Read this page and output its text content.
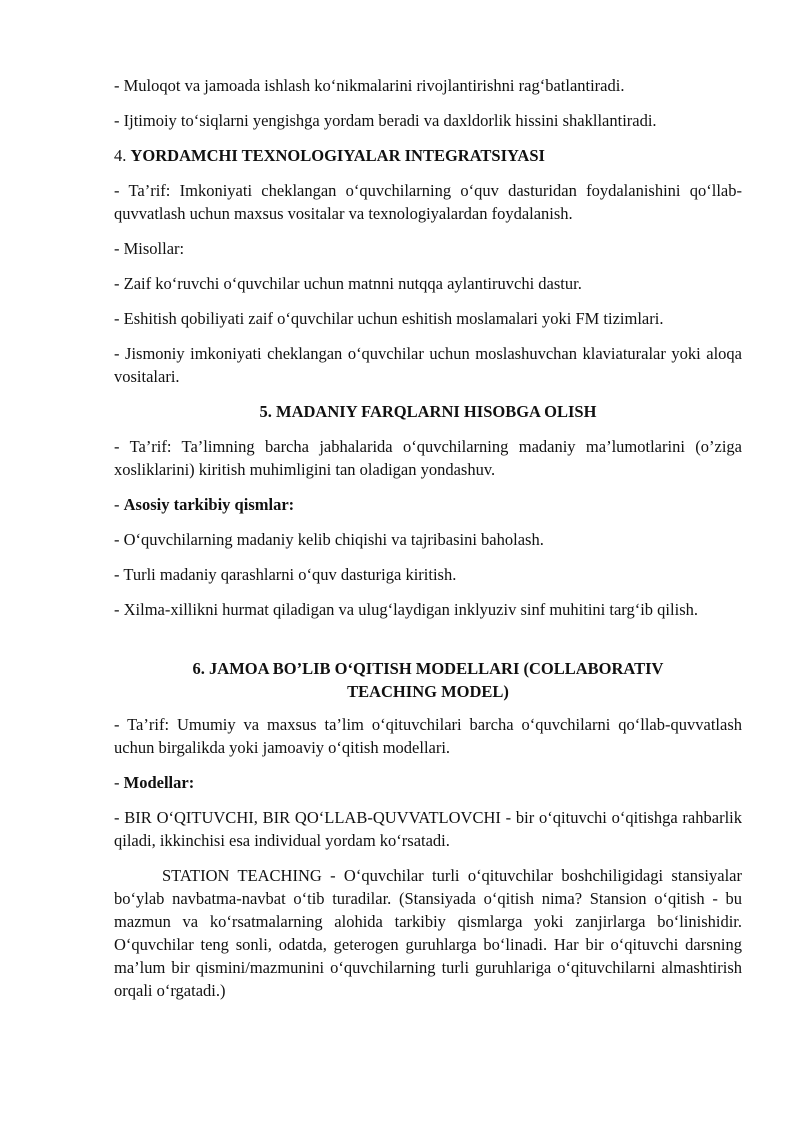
- Muloqot va jamoada ishlash ko‘nikmalarini rivojlantirishni rag‘batlantiradi.

- Ijtimoiy to‘siqlarni yengishga yordam beradi va daxldorlik hissini shakllantiradi.

4. YORDAMCHI TEXNOLOGIYALAR INTEGRATSIYASI

- Ta’rif: Imkoniyati cheklangan o‘quvchilarning o‘quv dasturidan foydalanishini qo‘llab-quvvatlash uchun maxsus vositalar va texnologiyalardan foydalanish.

- Misollar:

- Zaif ko‘ruvchi o‘quvchilar uchun matnni nutqqa aylantiruvchi dastur.

- Eshitish qobiliyati zaif o‘quvchilar uchun eshitish moslamalari yoki FM tizimlari.

- Jismoniy imkoniyati cheklangan o‘quvchilar uchun moslashuvchan klaviaturalar yoki aloqa vositalari.

5. MADANIY FARQLARNI HISOBGA OLISH

- Ta’rif: Ta’limning barcha jabhalarida o‘quvchilarning madaniy ma’lumotlarini (o’ziga xosliklarini) kiritish muhimligini tan oladigan yondashuv.

- Asosiy tarkibiy qismlar:

- O‘quvchilarning madaniy kelib chiqishi va tajribasini baholash.

- Turli madaniy qarashlarni o‘quv dasturiga kiritish.

- Xilma-xillikni hurmat qiladigan va ulug‘laydigan inklyuziv sinf muhitini targ‘ib qilish.

6. JAMOA BO’LIB O‘QITISH MODELLARI (COLLABORATIV
TEACHING MODEL)

- Ta’rif: Umumiy va maxsus ta’lim o‘qituvchilari barcha o‘quvchilarni qo‘llab-quvvatlash uchun birgalikda yoki jamoaviy o‘qitish modellari.

- Modellar:

- BIR O‘QITUVCHI, BIR QO‘LLAB-QUVVATLOVCHI - bir o‘qituvchi o‘qitishga rahbarlik qiladi, ikkinchisi esa individual yordam ko‘rsatadi.

STATION TEACHING - O‘quvchilar turli o‘qituvchilar boshchiligidagi stansiyalar bo‘ylab navbatma-navbat o‘tib turadilar. (Stansiyada o‘qitish nima? Stansion o‘qitish - bu mazmun va ko‘rsatmalarning alohida tarkibiy qismlarga yoki zanjirlarga bo‘linishidir. O‘quvchilar teng sonli, odatda, geterogen guruhlarga bo‘linadi. Har bir o‘qituvchi darsning ma’lum bir qismini/mazmunini o‘quvchilarning turli guruhlariga o‘qituvchilarni almashtirish orqali o‘rgatadi.)
